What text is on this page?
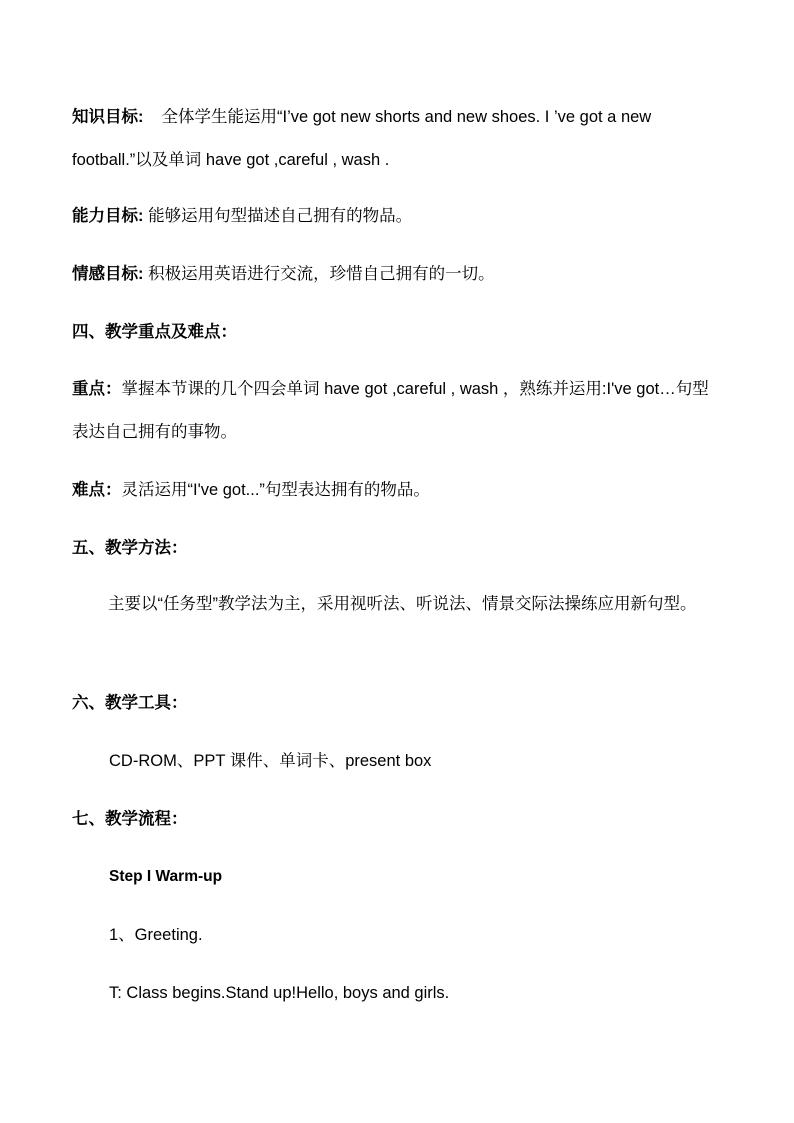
知识目标: 全体学生能运用“I’ve got new shorts and new shoes. I ’ve got a new football.”以及单词 have got ,careful , wash .
能力目标: 能够运用句型描述自己拥有的物品。
情感目标: 积极运用英语进行交流，珍惜自己拥有的一切。
四、教学重点及难点：
重点：掌握本节课的几个四会单词 have got ,careful , wash ，熟练并运用:I've got…句型表达自己拥有的事物。
难点：灵活运用“I've got...”句型表达拥有的物品。
五、教学方法：
主要以“任务型”教学法为主，采用视听法、听说法、情景交际法操练应用新句型。
六、教学工具：
CD-ROM、PPT 课件、单词卡、present box
七、教学流程：
Step I Warm-up
1、Greeting.
T: Class begins.Stand up!Hello, boys and girls.
